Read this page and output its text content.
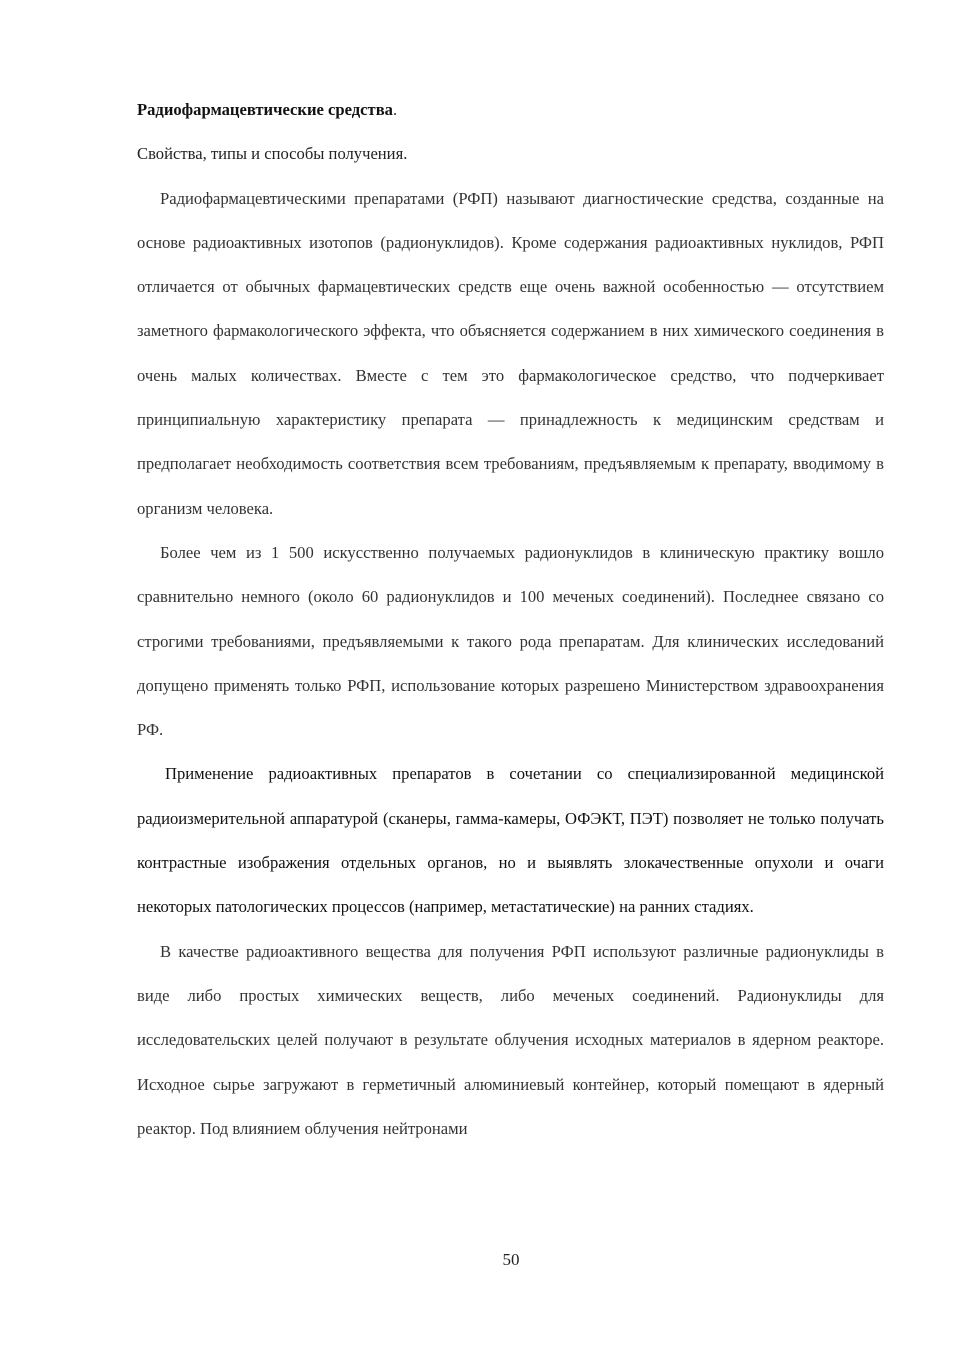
Радиофармацевтические средства.

Свойства, типы и способы получения.

Радиофармацевтическими препаратами (РФП) называют диагностические средства, созданные на основе радиоактивных изотопов (радионуклидов). Кроме содержания радиоактивных нуклидов, РФП отличается от обычных фармацевтических средств еще очень важной особенностью — отсутствием заметного фармакологического эффекта, что объясняется содержанием в них химического соединения в очень малых количествах. Вместе с тем это фармакологическое средство, что подчеркивает принципиальную характеристику препарата — принадлежность к медицинским средствам и предполагает необходимость соответствия всем требованиям, предъявляемым к препарату, вводимому в организм человека.

Более чем из 1 500 искусственно получаемых радионуклидов в клиническую практику вошло сравнительно немного (около 60 радионуклидов и 100 меченых соединений). Последнее связано со строгими требованиями, предъявляемыми к такого рода препаратам. Для клинических исследований допущено применять только РФП, использование которых разрешено Министерством здравоохранения РФ.

Применение радиоактивных препаратов в сочетании со специализированной медицинской радиоизмерительной аппаратурой (сканеры, гамма-камеры, ОФЭКТ, ПЭТ) позволяет не только получать контрастные изображения отдельных органов, но и выявлять злокачественные опухоли и очаги некоторых патологических процессов (например, метастатические) на ранних стадиях.

В качестве радиоактивного вещества для получения РФП используют различные радионуклиды в виде либо простых химических веществ, либо меченых соединений. Радионуклиды для исследовательских целей получают в результате облучения исходных материалов в ядерном реакторе. Исходное сырье загружают в герметичный алюминиевый контейнер, который помещают в ядерный реактор. Под влиянием облучения нейтронами

50
